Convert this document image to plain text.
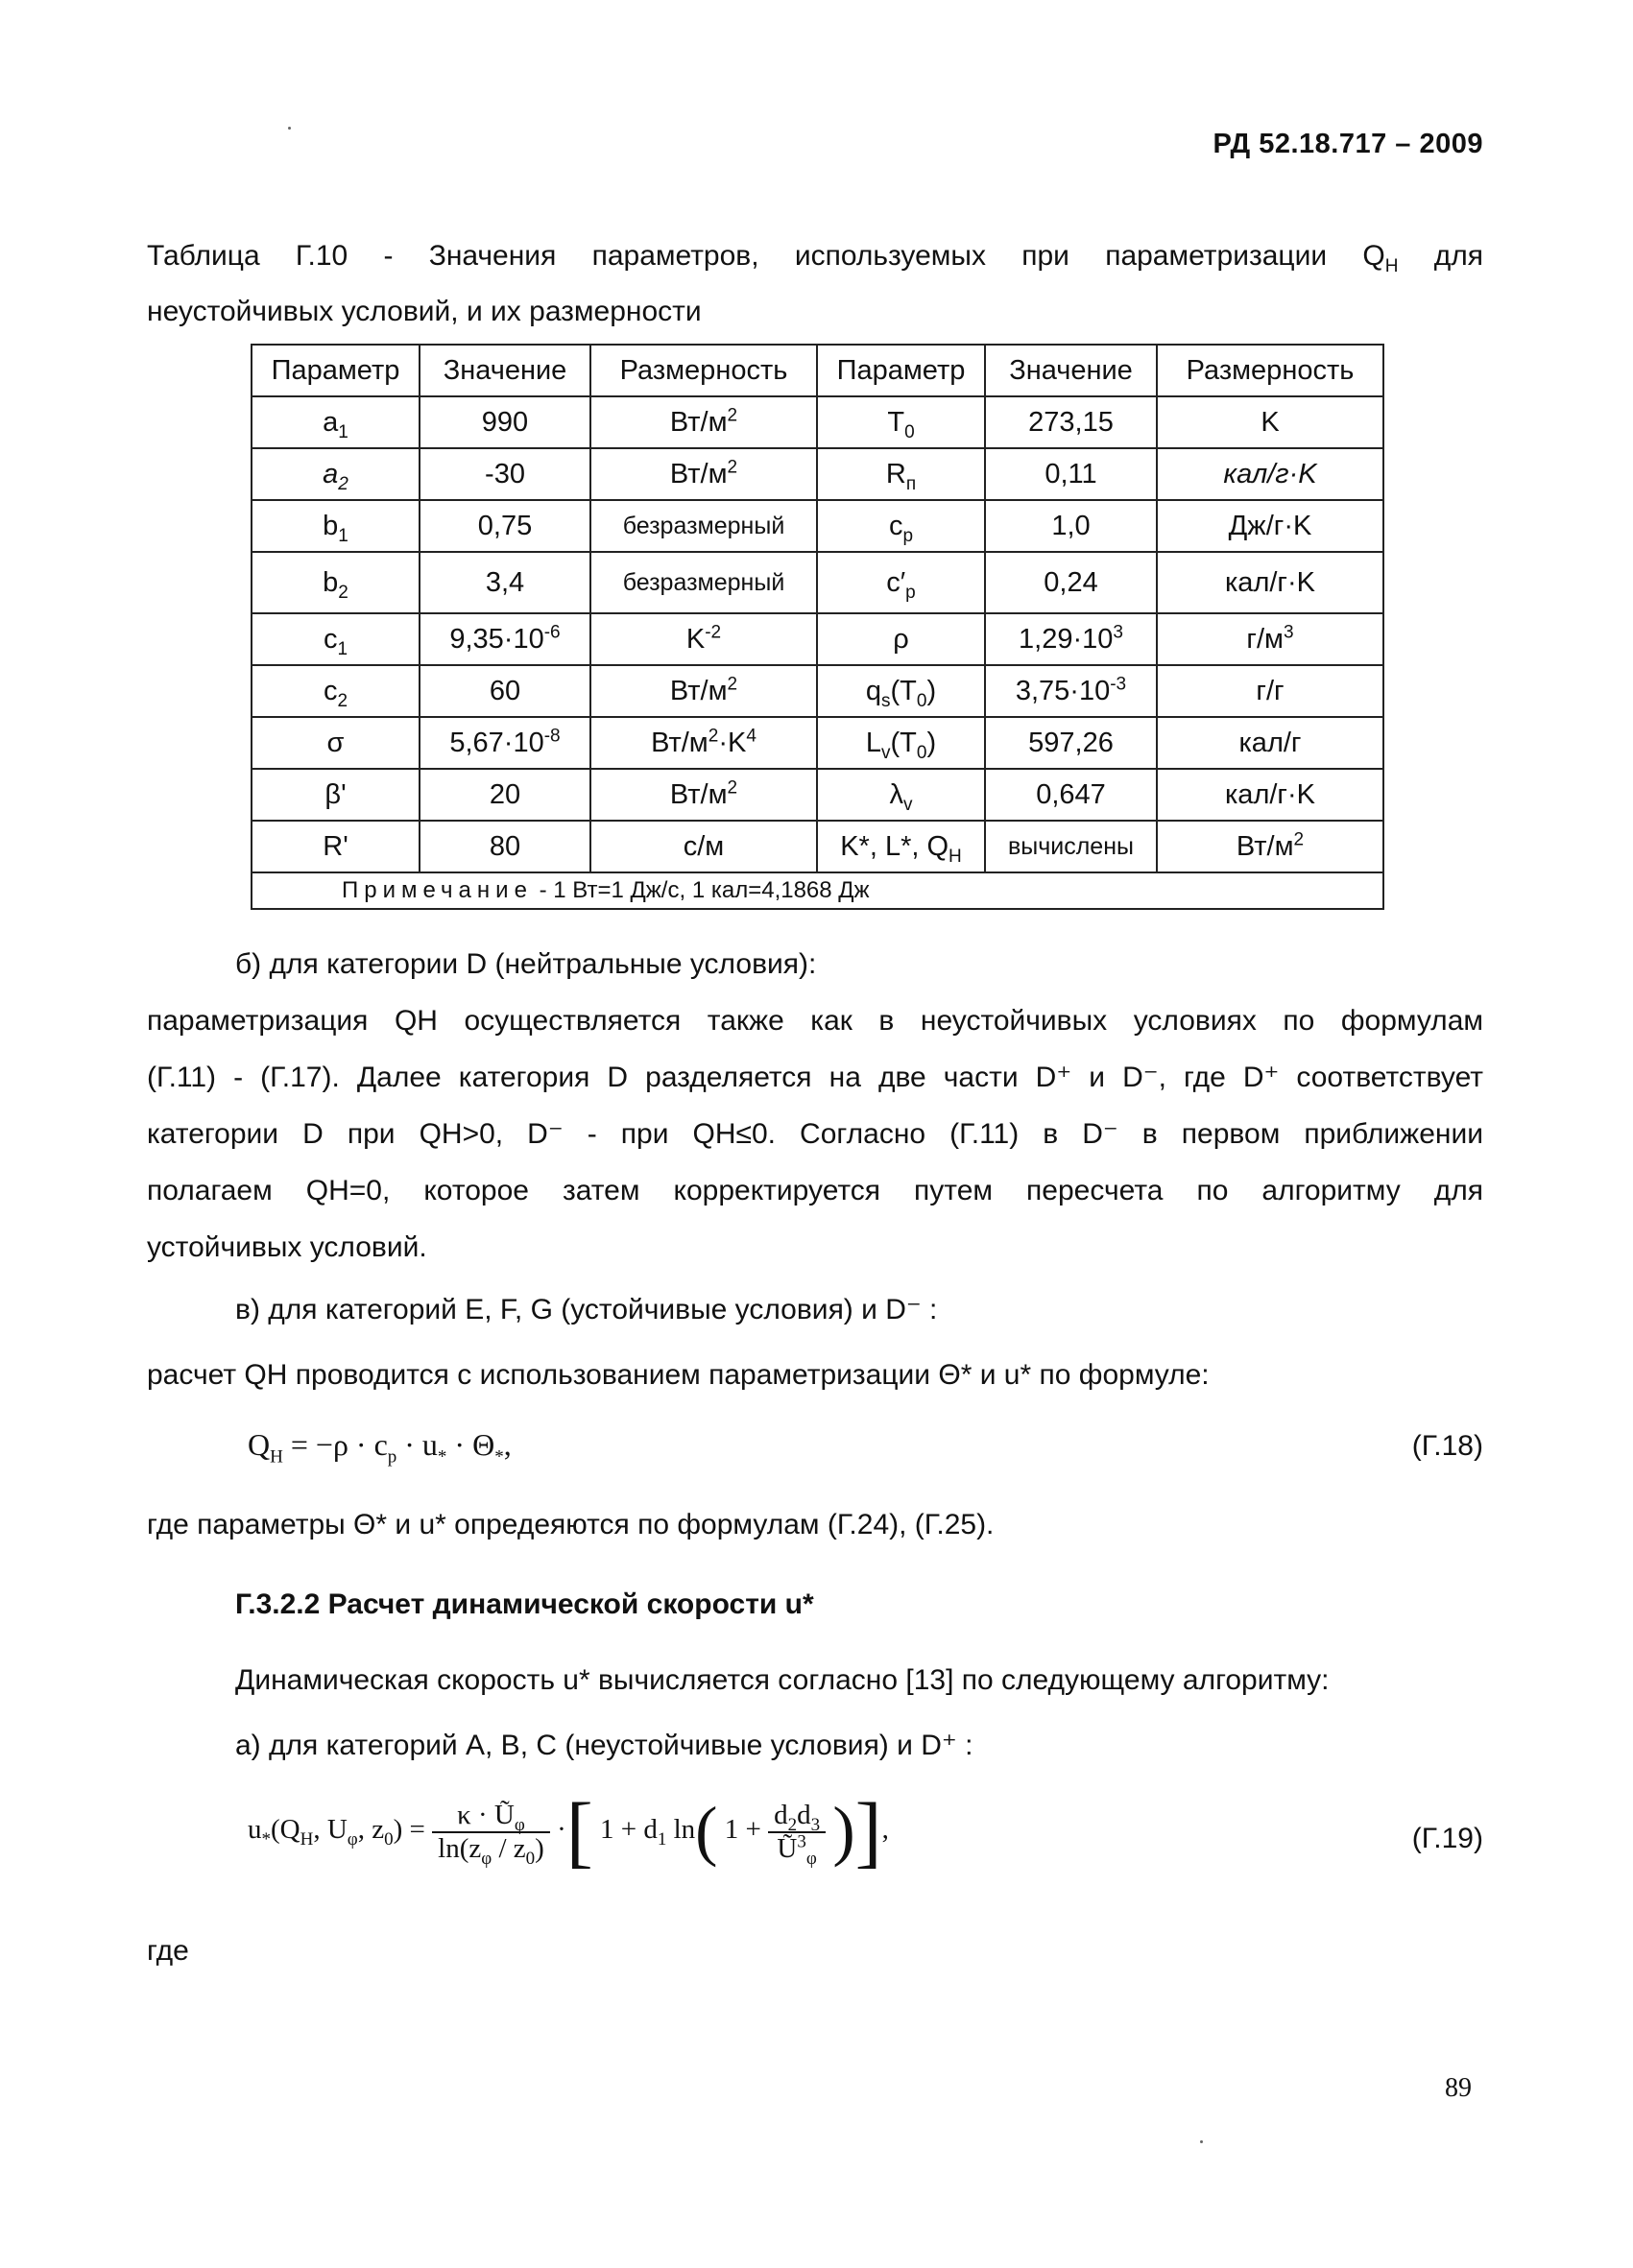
РД 52.18.717 – 2009
Таблица Г.10 - Значения параметров, используемых при параметризации $Q_Н$ для
неустойчивых условий, и их размерности
Параметр	Значение	Размерность	Параметр	Значение	Размерность
$a_1$	990	$Вт/м^2$	$T_0$	273,15	K
$a_2$	-30	$Вт/м^2$	$R_п$	0,11	кал/г·K
$b_1$	0,75	безразмерный	$c_p$	1,0	Дж/г·K
$b_2$	3,4	безразмерный	$c'_p$	0,24	кал/г·K
$c_1$	$9,35\cdot 10^{-6}$	$K^{-2}$	ρ	$1,29\cdot 10^3$	$г/м^3$
$c_2$	60	$Вт/м^2$	$q_s(T_0)$	$3,75\cdot 10^{-3}$	г/г
σ	$5,67\cdot 10^{-8}$	$Вт/м^2\cdot K^4$	$L_v(T_0)$	597,26	кал/г
β'	20	$Вт/м^2$	$\lambda_v$	0,647	кал/г·K
R'	80	с/м	K*, L*, $Q_Н$	вычислены	$Вт/м^2$
Примечание - 1 Вт=1 Дж/с, 1 кал=4,1868 Дж					
б) для категории D (нейтральные условия):
параметризация QН осуществляется также как в неустойчивых условиях по формулам
(Г.11) - (Г.17). Далее категория D разделяется на две части D⁺ и D⁻, где D⁺ соответствует
категории D при QН>0, D⁻ - при QН≤0. Согласно (Г.11) в D⁻ в первом приближении
полагаем QН=0, которое затем корректируется путем пересчета по алгоритму для
устойчивых условий.
в) для категорий E, F, G (устойчивые условия) и D⁻ :
расчет QН проводится с использованием параметризации Θ* и u* по формуле:
$Q_H = -\rho \cdot c_p \cdot u_* \cdot \Theta_*$,	(Г.18)
где параметры Θ* и u* опредеяются по формулам (Г.24), (Г.25).
Г.3.2.2 Расчет динамической скорости u*
Динамическая скорость u* вычисляется согласно [13] по следующему алгоритму:
а) для категорий A, B, C (неустойчивые условия) и D⁺ :
$u_*(Q_H$, $U_\varphi$, $z_0) = \frac{\kappa \cdot Ũ_\varphi}{\ln(z_\varphi / z_0)}$ ·[ $1 + d_1$ ln( $1 + \frac{d_2d_3}{Ũ^3_\varphi}$ )],	(Г.19)
где
89
